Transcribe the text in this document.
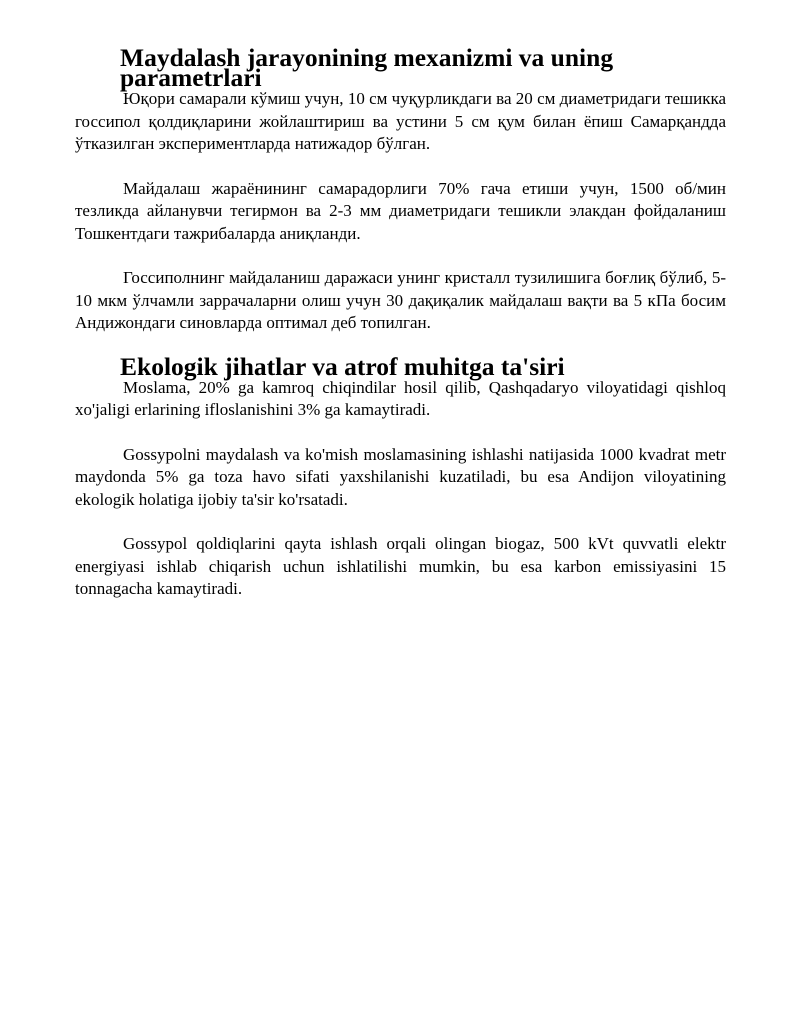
Maydalash jarayonining mexanizmi va uning parametrlari

Юқори самарали кўмиш учун, 10 см чуқурликдаги ва 20 см диаметридаги тешикка госсипол қолдиқларини жойлаштириш ва устини 5 см қум билан ёпиш Самарқандда ўтказилган экспериментларда натижадор бўлган.

Майдалаш жараёнининг самарадорлиги 70% гача етиши учун, 1500 об/мин тезликда айланувчи тегирмон ва 2-3 мм диаметридаги тешикли элакдан фойдаланиш Тошкентдаги тажрибаларда аниқланди.

Госсиполнинг майдаланиш даражаси унинг кристалл тузилишига боғлиқ бўлиб, 5-10 мкм ўлчамли заррачаларни олиш учун 30 дақиқалик майдалаш вақти ва 5 кПа босим Андижондаги синовларда оптимал деб топилган.

Ekologik jihatlar va atrof muhitga ta'siri

Moslama, 20% ga kamroq chiqindilar hosil qilib, Qashqadaryo viloyatidagi qishloq xo'jaligi erlarining ifloslanishini 3% ga kamaytiradi.

Gossypolni maydalash va ko'mish moslamasining ishlashi natijasida 1000 kvadrat metr maydonda 5% ga toza havo sifati yaxshilanishi kuzatiladi, bu esa Andijon viloyatining ekologik holatiga ijobiy ta'sir ko'rsatadi.

Gossypol qoldiqlarini qayta ishlash orqali olingan biogaz, 500 kVt quvvatli elektr energiyasi ishlab chiqarish uchun ishlatilishi mumkin, bu esa karbon emissiyasini 15 tonnagacha kamaytiradi.
